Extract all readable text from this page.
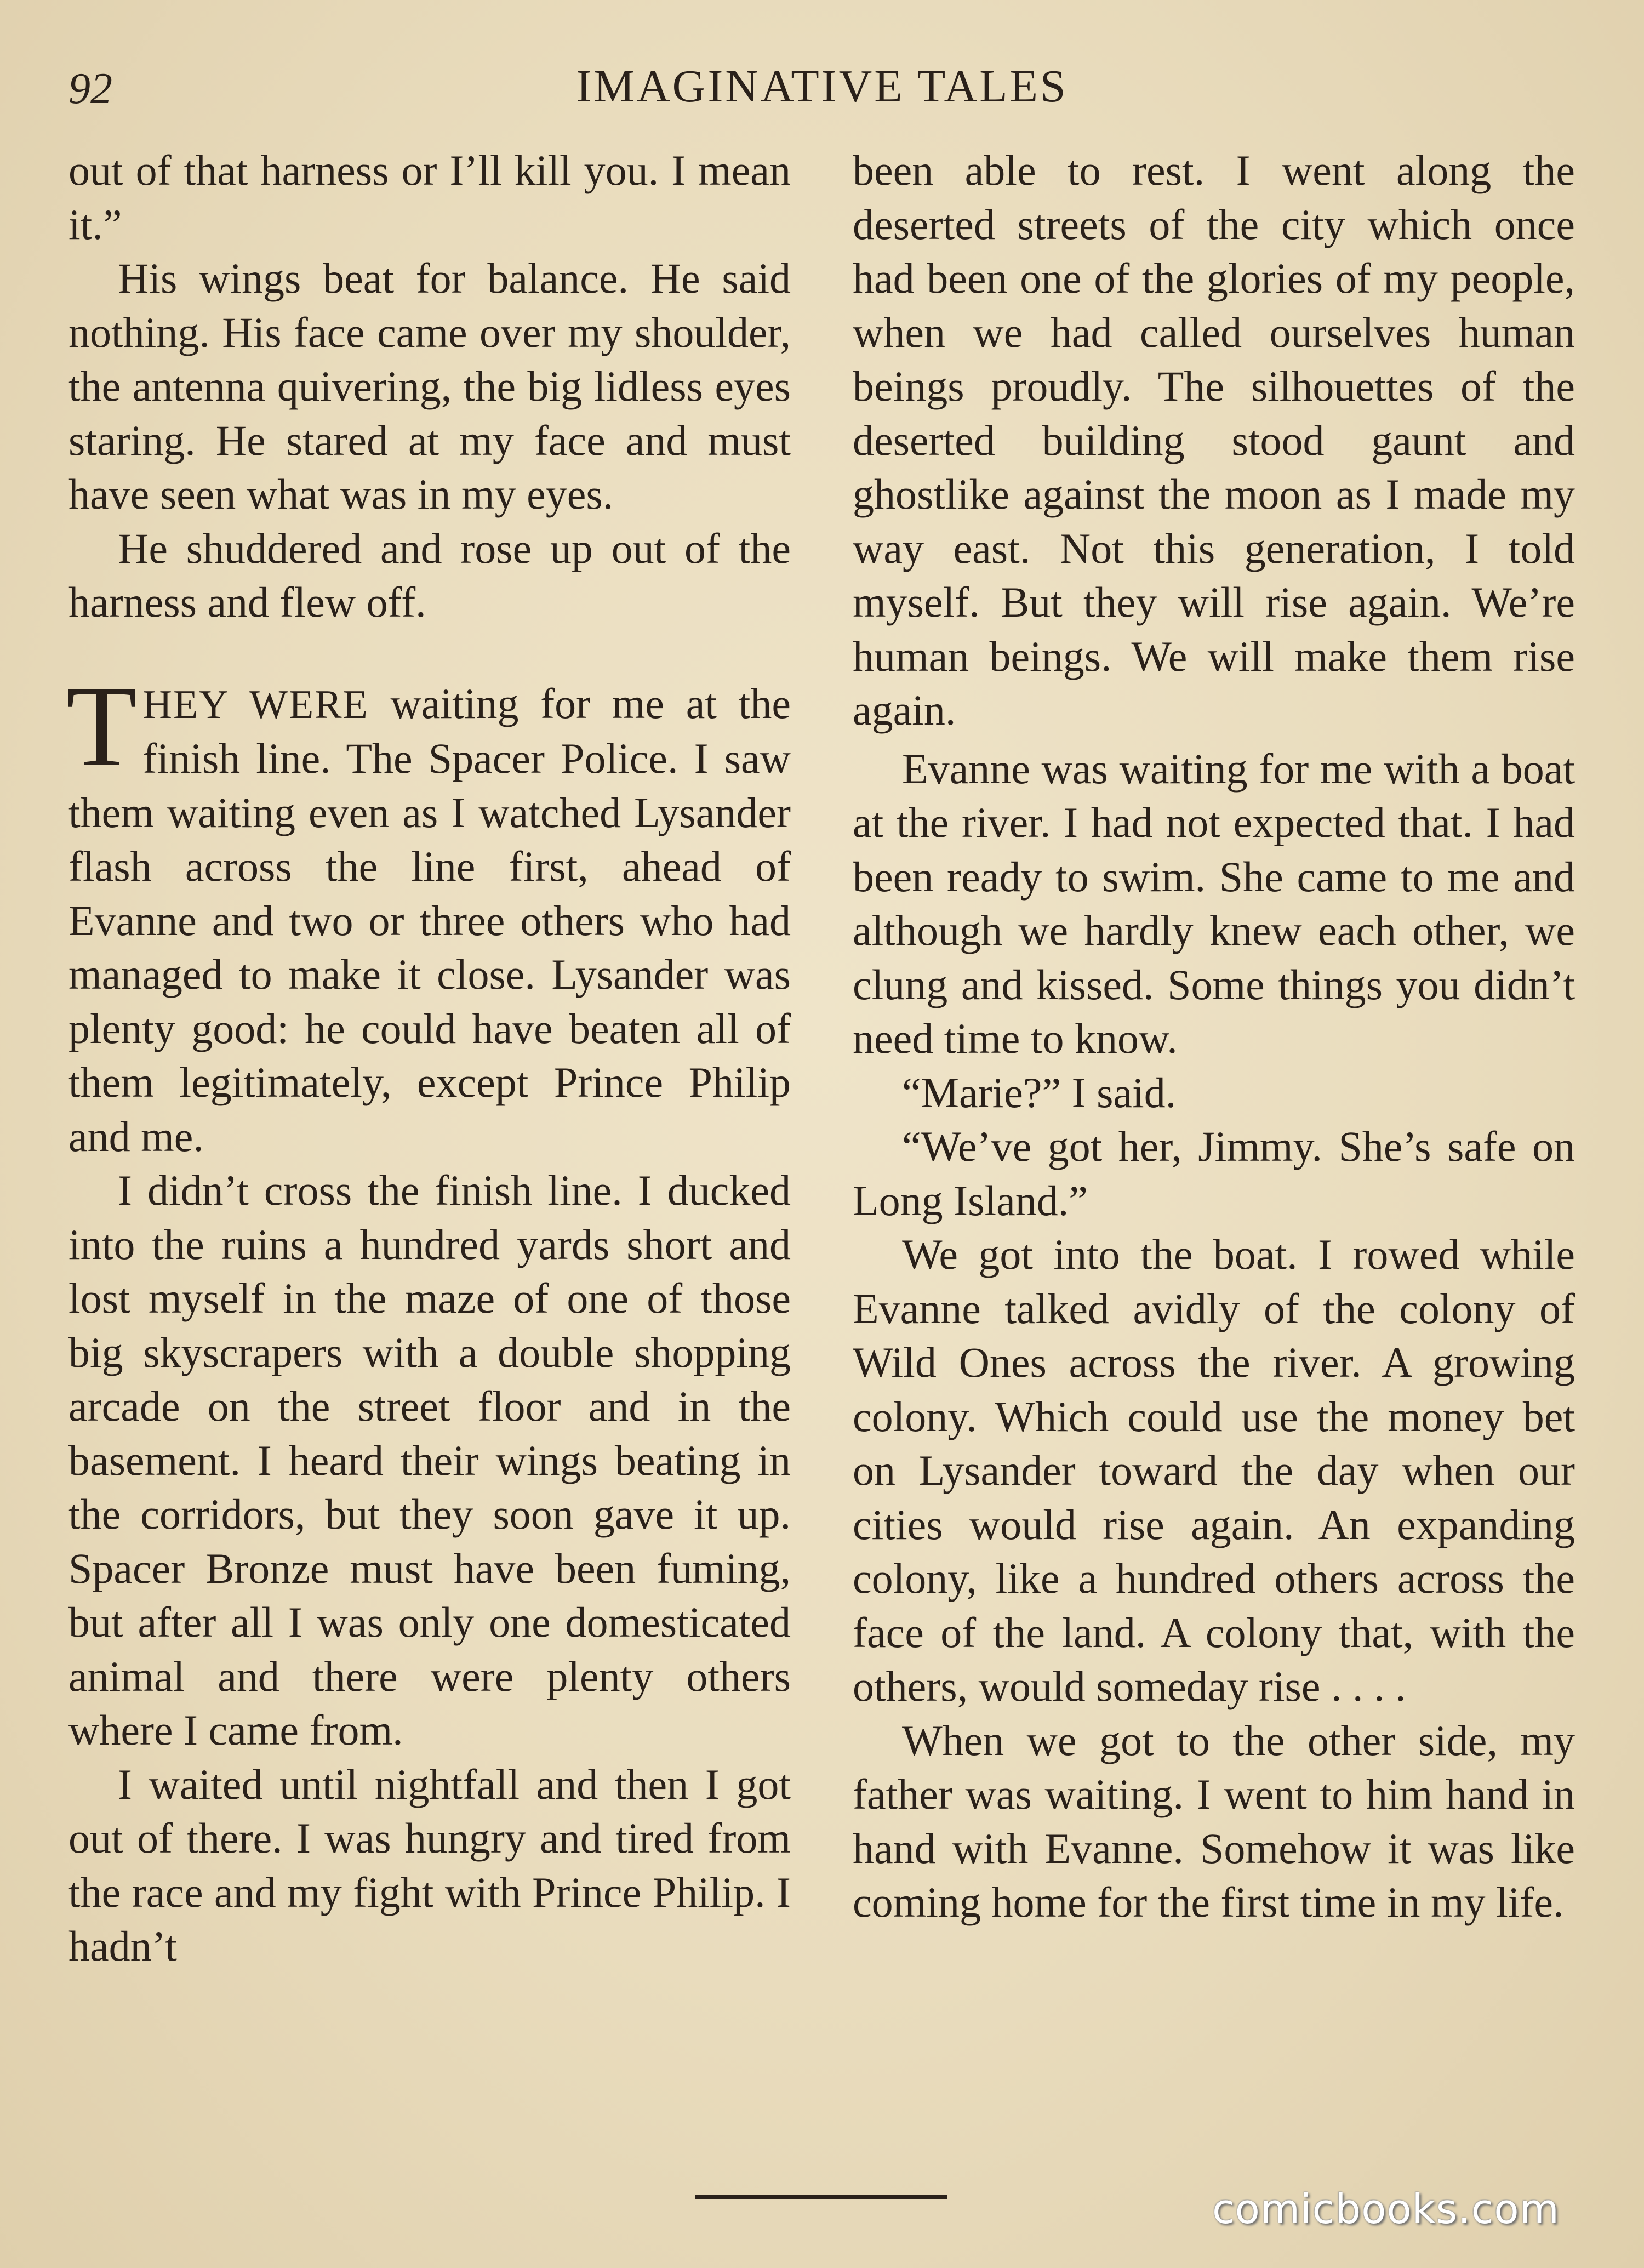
92	IMAGINATIVE TALES

out of that harness or I’ll kill you. I mean it.”

His wings beat for balance. He said nothing. His face came over my shoulder, the antenna quivering, the big lidless eyes staring. He stared at my face and must have seen what was in my eyes.

He shuddered and rose up out of the harness and flew off.

THEY WERE waiting for me at the finish line. The Spacer Police. I saw them waiting even as I watched Lysander flash across the line first, ahead of Evanne and two or three others who had managed to make it close. Lysander was plenty good: he could have beaten all of them legitimately, except Prince Philip and me.

I didn’t cross the finish line. I ducked into the ruins a hundred yards short and lost myself in the maze of one of those big skyscrapers with a double shopping arcade on the street floor and in the basement. I heard their wings beating in the corridors, but they soon gave it up. Spacer Bronze must have been fuming, but after all I was only one domesticated animal and there were plenty others where I came from.

I waited until nightfall and then I got out of there. I was hungry and tired from the race and my fight with Prince Philip. I hadn’t

been able to rest. I went along the deserted streets of the city which once had been one of the glories of my people, when we had called ourselves human beings proudly. The silhouettes of the deserted building stood gaunt and ghostlike against the moon as I made my way east. Not this generation, I told myself. But they will rise again. We’re human beings. We will make them rise again.

Evanne was waiting for me with a boat at the river. I had not expected that. I had been ready to swim. She came to me and although we hardly knew each other, we clung and kissed. Some things you didn’t need time to know.

“Marie?” I said.

“We’ve got her, Jimmy. She’s safe on Long Island.”

We got into the boat. I rowed while Evanne talked avidly of the colony of Wild Ones across the river. A growing colony. Which could use the money bet on Lysander toward the day when our cities would rise again. An expanding colony, like a hundred others across the face of the land. A colony that, with the others, would someday rise . . . .

When we got to the other side, my father was waiting. I went to him hand in hand with Evanne. Somehow it was like coming home for the first time in my life.

comicbooks.com
